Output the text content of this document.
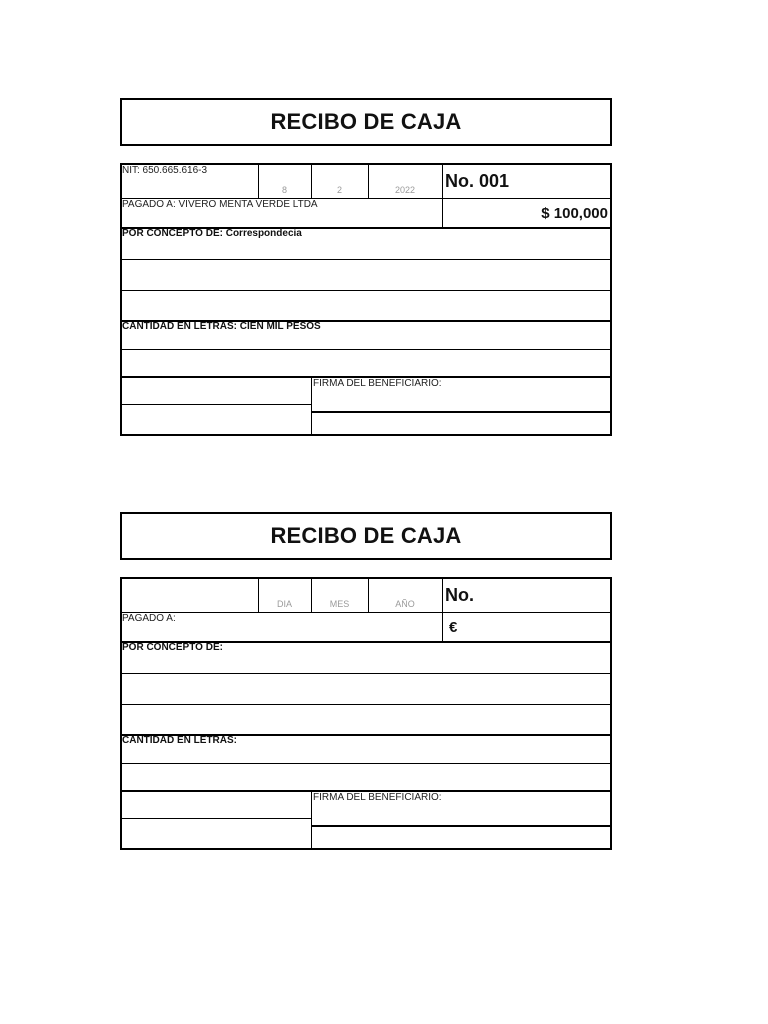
RECIBO DE CAJA
NIT: 650.665.616-3
8	2	2022	No. 001
PAGADO A: VIVERO MENTA VERDE LTDA
$ 100,000
POR CONCEPTO DE: Correspondecia
CANTIDAD EN LETRAS: CIEN MIL PESOS
FIRMA DEL BENEFICIARIO:
RECIBO DE CAJA
DIA	MES	AÑO	No.
PAGADO A:
€
POR CONCEPTO DE:
CANTIDAD EN LETRAS:
FIRMA DEL BENEFICIARIO:
